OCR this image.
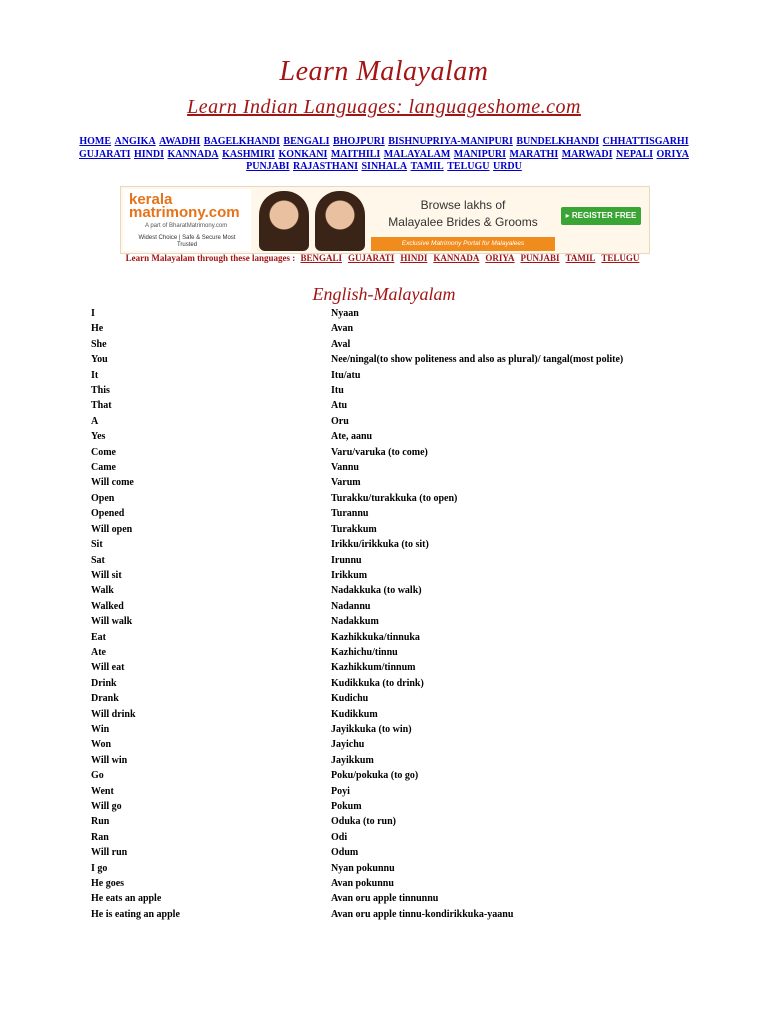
Learn Malayalam
Learn Indian Languages: languageshome.com
HOME ANGIKA AWADHI BAGELKHANDI BENGALI BHOJPURI BISHNUPRIYA-MANIPURI BUNDELKHANDI CHHATTISGARHI GUJARATI HINDI KANNADA KASHMIRI KONKANI MAITHILI MALAYALAM MANIPURI MARATHI MARWADI NEPALI ORIYA PUNJABI RAJASTHANI SINHALA TAMIL TELUGU URDU
kerala
matrimony.com
A part of BharatMatrimony.com
Widest Choice | Safe & Secure Most Trusted
Browse lakhs of
Malayalee Brides & Grooms	▸ REGISTER FREE
Exclusive Matrimony Portal for Malayalees
Learn Malayalam through these languages : BENGALI GUJARATI HINDI KANNADA ORIYA PUNJABI TAMIL TELUGU
English-Malayalam
I	Nyaan
He	Avan
She	Aval
You	Nee/ningal(to show politeness and also as plural)/ tangal(most polite)
It	Itu/atu
This	Itu
That	Atu
A	Oru
Yes	Ate, aanu
Come	Varu/varuka (to come)
Came	Vannu
Will come	Varum
Open	Turakku/turakkuka (to open)
Opened	Turannu
Will open	Turakkum
Sit	Irikku/irikkuka (to sit)
Sat	Irunnu
Will sit	Irikkum
Walk	Nadakkuka (to walk)
Walked	Nadannu
Will walk	Nadakkum
Eat	Kazhikkuka/tinnuka
Ate	Kazhichu/tinnu
Will eat	Kazhikkum/tinnum
Drink	Kudikkuka (to drink)
Drank	Kudichu
Will drink	Kudikkum
Win	Jayikkuka (to win)
Won	Jayichu
Will win	Jayikkum
Go	Poku/pokuka (to go)
Went	Poyi
Will go	Pokum
Run	Oduka (to run)
Ran	Odi
Will run	Odum
I go	Nyan pokunnu
He goes	Avan pokunnu
He eats an apple	Avan oru apple tinnunnu
He is eating an apple	Avan oru apple tinnu-kondirikkuka-yaanu
